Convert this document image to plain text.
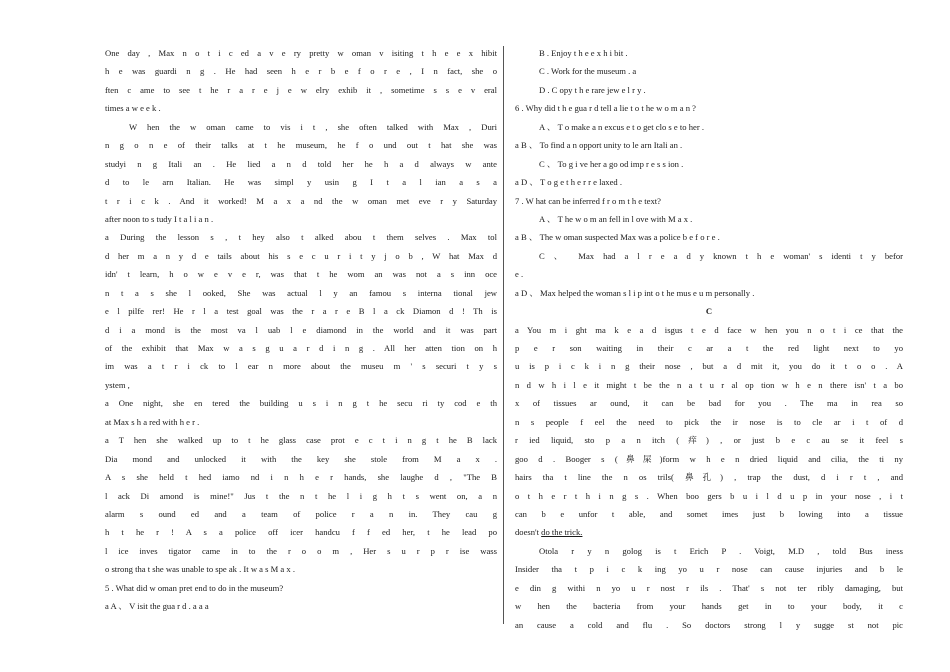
One day , Max n o t i c ed a v e ry pretty w oman v isiting t h e e x hibit
h e was guardi n g . He had seen h e r b e f o r e , I n fact, she o
ften c ame to see t he r a r e j e w elry exhib it , sometime s s e v eral
times a w e e k .
W hen the w oman came to vis i t , she often talked with Max , Duri
n g o n e of their talks at t he museum, he f o und out t hat she was
studyi n g Itali an . He lied a n d told her he h a d always w ante
d to le arn Italian. He was simpl y usin g I t a l ian a s a
t r i c k . And it worked! M a x a nd the w oman met eve r y Saturday
after noon to s tudy I t a l i a n .
a During the lesson s , t hey also t alked abou t them selves . Max tol
d her m a n y d e tails about his s e c u r i t y j o b , W hat Max d
idn' t learn, h o w e v e r, was that t he wom an was not a s inn oce
n t a s she l ooked, She was actual l y an famou s interna tional jew
e l pilfe rer! He r l a test goal was the r a r e B l a ck Diamon d ! Th is
d i a mond is the most va l uab l e diamond in the world and it was part
of the exhibit that Max w a s g u a r d i n g . All her atten tion on h
im was a t r i ck to l ear n more about the museu m ' s securi t y s
ystem ,
a One night, she en tered the building u s i n g t he secu ri ty cod e th
at Max s h a red with h e r .
a T hen she walked up to t he glass case prot e c t i n g t he B lack
Dia mond and unlocked it with the key she stole from M a x .
A s she held t hed iamo nd i n h e r hands, she laughe d , "The B
l ack Di amond is mine!" Jus t the n t he l i g h t s went on, a n
alarm s ound ed and a team of police r a n in. They cau g
h t he r ! A s a police off icer handcu f f ed her, t he lead po
l ice inves tigator came in to the r o o m , Her s u r p r ise wass
o strong tha t she was unable to spe ak . It w a s M a x .
5 . What did w oman pret end to do in the museum?
a A 、 V isit the gua r d . a a a
B . Enjoy t h e e x h i bit .
C . Work for the museum . a
D . C opy t h e rare jew e l r y .
6 . Why did t h e gua r d tell a lie t o t he w o m a n ?
A 、 T o make a n excus e t o get clo s e to her .
a B 、 To find a n opport unity to le arn Itali an .
C 、 To g i ve her a go od imp r e s s ion .
a D 、 T o g e t h e r r e laxed .
7 . W hat can be inferred f r o m t h e text?
A 、 T he w o m an fell in l ove with M a x .
a B 、 The w oman suspected Max was a police b e f o r e .
C 、 Max had a l r e a d y known t h e woman' s identi t y befor
e .
a D 、 Max helped the woman s l i p int o t he mus e u m personally .
C
a You m i ght ma k e a d isgus t e d face w hen you n o t i ce that the
p e r son waiting in their c ar a t the red light next to yo
u is p i c k i n g their nose , but a d mit it, you do it t o o . A
n d w h i l e it might t be the n a t u r al op tion w h e n there isn' t a bo
x of tissues ar ound, it can be bad for you . The ma in rea so
n s people f eel the need to pick the ir nose is to cle ar i t of d
r ied liquid, sto p a n itch (痒) , or just b e c au se it feel s
goo d . Booger s (鼻屎)form w h e n dried liquid and cilia, the ti ny
hairs tha t line the n os trils( 鼻孔) , trap the dust, d i r t , and
o t h e r t h i n g s . When boo gers b u i l d u p in your nose , i t
can b e unfor t able, and somet imes just b lowing into a tissue
doesn't do the trick.
Otola r y n golog is t Erich P . Voigt, M.D , told Bus iness
Insider tha t p i c k ing yo u r nose can cause injuries and b le
e din g withi n yo u r nost r ils . That' s not ter ribly damaging, but
w hen the bacteria from your hands get in to your body, it c
an cause a cold and flu . So doctors strong l y sugge st not pic
